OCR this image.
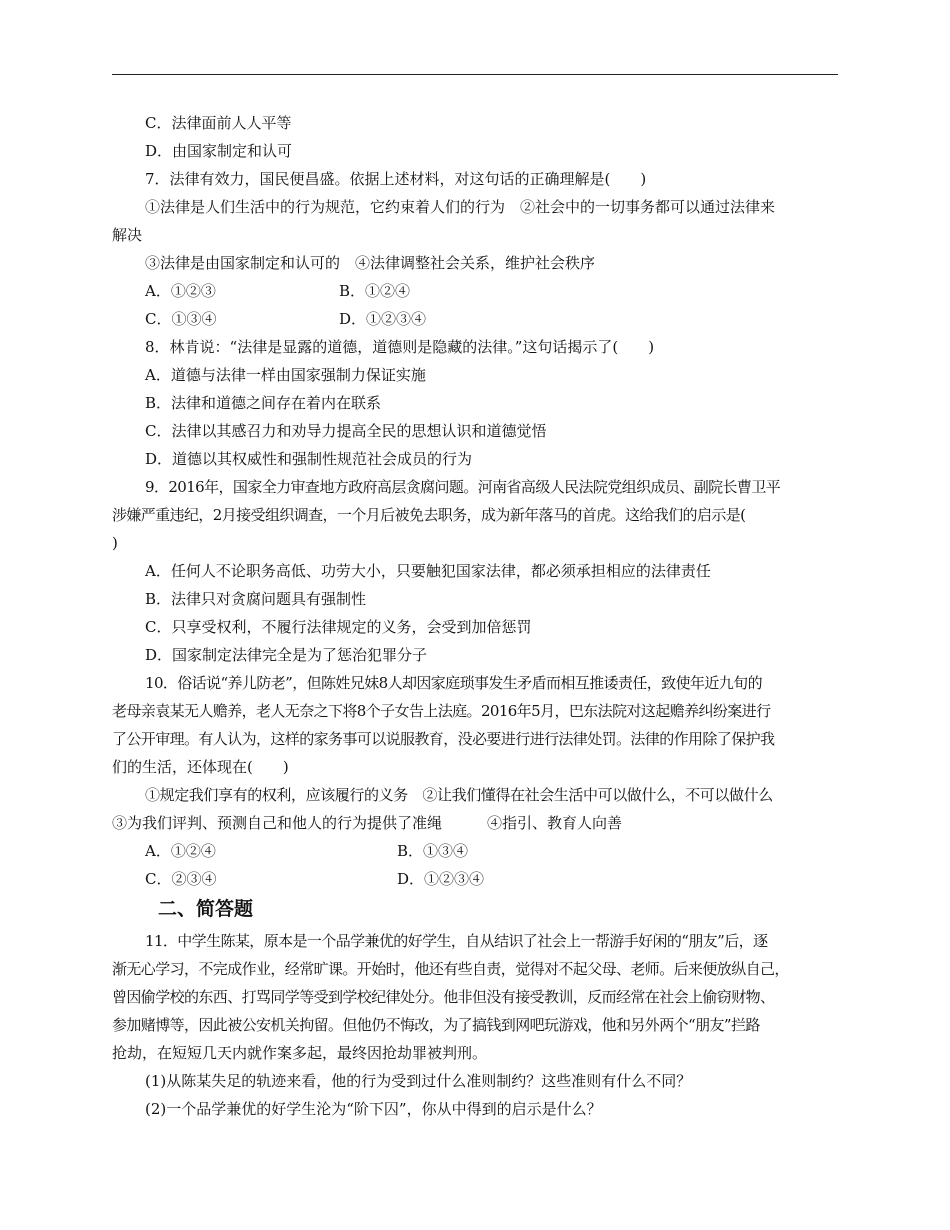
C．法律面前人人平等
D．由国家制定和认可
7．法律有效力，国民便昌盛。依据上述材料，对这句话的正确理解是(　　)
①法律是人们生活中的行为规范，它约束着人们的行为　②社会中的一切事务都可以通过法律来
解决
③法律是由国家制定和认可的　④法律调整社会关系，维护社会秩序
A．①②③	B．①②④
C．①③④	D．①②③④
8．林肯说：“法律是显露的道德，道德则是隐藏的法律。”这句话揭示了(　　)
A．道德与法律一样由国家强制力保证实施
B．法律和道德之间存在着内在联系
C．法律以其感召力和劝导力提高全民的思想认识和道德觉悟
D．道德以其权威性和强制性规范社会成员的行为
9．2016年，国家全力审查地方政府高层贪腐问题。河南省高级人民法院党组织成员、副院长曹卫平
涉嫌严重违纪，2月接受组织调查，一个月后被免去职务，成为新年落马的首虎。这给我们的启示是(
)
A．任何人不论职务高低、功劳大小，只要触犯国家法律，都必须承担相应的法律责任
B．法律只对贪腐问题具有强制性
C．只享受权利，不履行法律规定的义务，会受到加倍惩罚
D．国家制定法律完全是为了惩治犯罪分子
10．俗话说“养儿防老”，但陈姓兄妹8人却因家庭琐事发生矛盾而相互推诿责任，致使年近九旬的
老母亲袁某无人赡养，老人无奈之下将8个子女告上法庭。2016年5月，巴东法院对这起赡养纠纷案进行
了公开审理。有人认为，这样的家务事可以说服教育，没必要进行进行法律处罚。法律的作用除了保护我
们的生活，还体现在(　　)
①规定我们享有的权利，应该履行的义务　②让我们懂得在社会生活中可以做什么，不可以做什么
③为我们评判、预测自己和他人的行为提供了准绳　　　④指引、教育人向善
A．①②④	B．①③④
C．②③④	D．①②③④
二、简答题
11．中学生陈某，原本是一个品学兼优的好学生，自从结识了社会上一帮游手好闲的“朋友”后，逐
渐无心学习，不完成作业，经常旷课。开始时，他还有些自责，觉得对不起父母、老师。后来便放纵自己，
曾因偷学校的东西、打骂同学等受到学校纪律处分。他非但没有接受教训，反而经常在社会上偷窃财物、
参加赌博等，因此被公安机关拘留。但他仍不悔改，为了搞钱到网吧玩游戏，他和另外两个“朋友”拦路
抢劫，在短短几天内就作案多起，最终因抢劫罪被判刑。
(1)从陈某失足的轨迹来看，他的行为受到过什么准则制约？这些准则有什么不同？
(2)一个品学兼优的好学生沦为“阶下囚”，你从中得到的启示是什么？
